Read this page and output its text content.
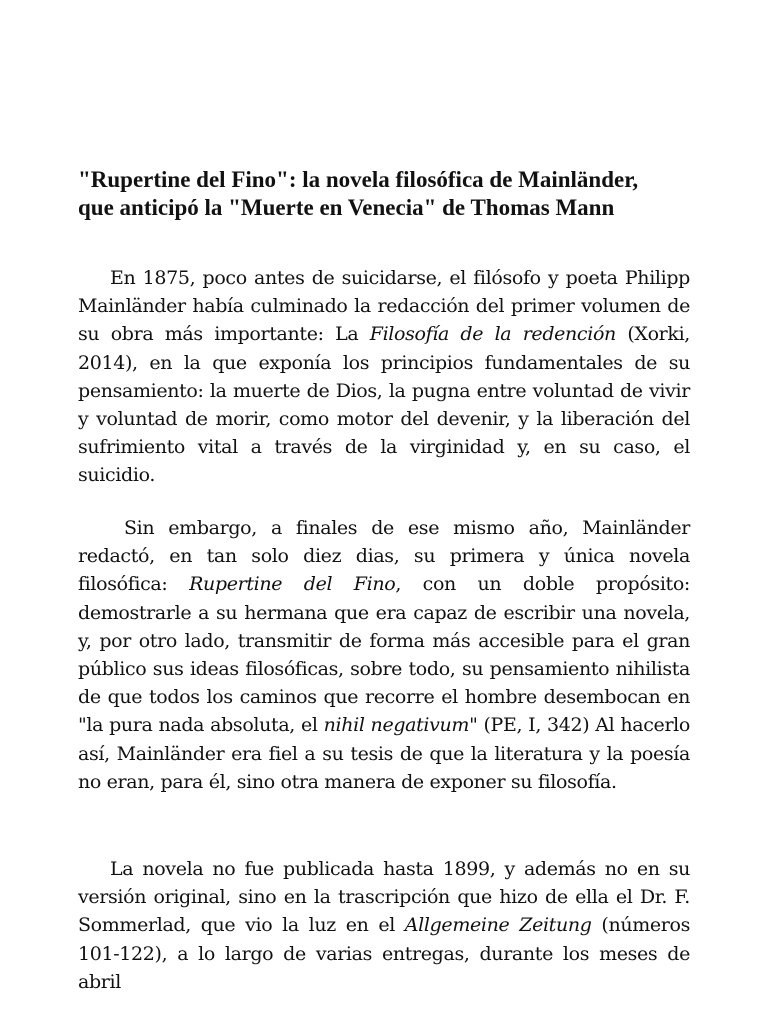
"Rupertine del Fino": la novela filosófica de Mainländer,
que anticipó la "Muerte en Venecia" de Thomas Mann

En 1875, poco antes de suicidarse, el filósofo y poeta Philipp Mainländer había culminado la redacción del primer volumen de su obra más importante: La Filosofía de la redención (Xorki, 2014), en la que exponía los principios fundamentales de su pensamiento: la muerte de Dios, la pugna entre voluntad de vivir y voluntad de morir, como motor del devenir, y la liberación del sufrimiento vital a través de la virginidad y, en su caso, el suicidio.

Sin embargo, a finales de ese mismo año, Mainländer redactó, en tan solo diez dias, su primera y única novela filosófica: Rupertine del Fino, con un doble propósito: demostrarle a su hermana que era capaz de escribir una novela, y, por otro lado, transmitir de forma más accesible para el gran público sus ideas filosóficas, sobre todo, su pensamiento nihilista de que todos los caminos que recorre el hombre desembocan en "la pura nada absoluta, el nihil negativum" (PE, I, 342) Al hacerlo así, Mainländer era fiel a su tesis de que la literatura y la poesía no eran, para él, sino otra manera de exponer su filosofía.

La novela no fue publicada hasta 1899, y además no en su versión original, sino en la trascripción que hizo de ella el Dr. F. Sommerlad, que vio la luz en el Allgemeine Zeitung (números 101-122), a lo largo de varias entregas, durante los meses de abril
